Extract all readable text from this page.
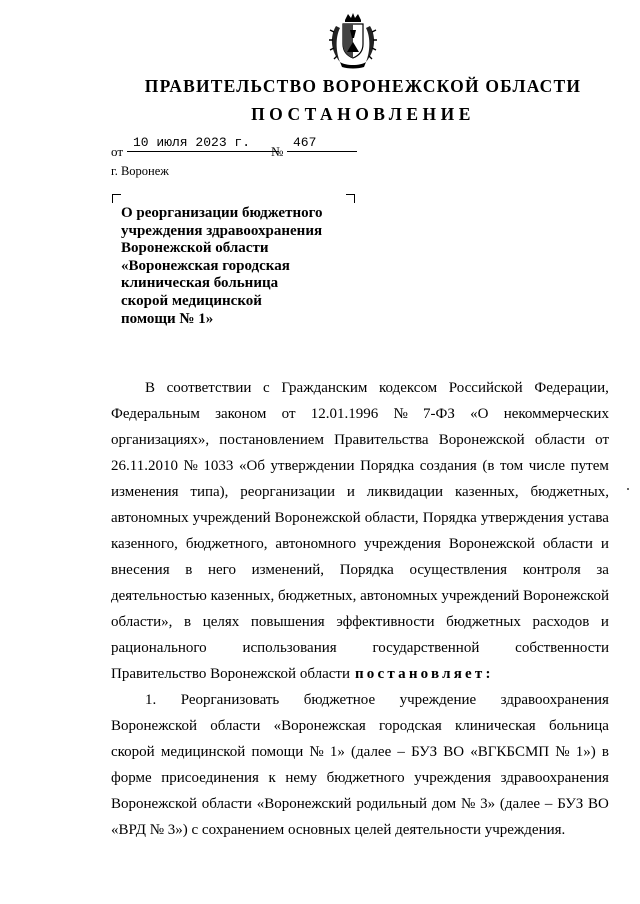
ПРАВИТЕЛЬСТВО ВОРОНЕЖСКОЙ ОБЛАСТИ
ПОСТАНОВЛЕНИЕ
от
10 июля 2023 г.
№
467
г. Воронеж
О реорганизации бюджетного
учреждения здравоохранения
Воронежской области
«Воронежская городская
клиническая больница
скорой медицинской
помощи № 1»
В соответствии с Гражданским кодексом Российской Федерации,
Федеральным законом от 12.01.1996 № 7-ФЗ «О некоммерческих
организациях», постановлением Правительства Воронежской области от
26.11.2010 № 1033 «Об утверждении Порядка создания (в том числе путем
изменения типа), реорганизации и ликвидации казенных, бюджетных,
автономных учреждений Воронежской области, Порядка утверждения устава
казенного, бюджетного, автономного учреждения Воронежской области и
внесения в него изменений, Порядка осуществления контроля за
деятельностью казенных, бюджетных, автономных учреждений Воронежской
области», в целях повышения эффективности бюджетных расходов и
рационального использования государственной собственности
Правительство Воронежской области постановляет:
1. Реорганизовать бюджетное учреждение здравоохранения
Воронежской области «Воронежская городская клиническая больница
скорой медицинской помощи № 1» (далее – БУЗ ВО «ВГКБСМП № 1») в
форме присоединения к нему бюджетного учреждения здравоохранения
Воронежской области «Воронежский родильный дом № 3» (далее – БУЗ ВО
«ВРД № 3») с сохранением основных целей деятельности учреждения.
